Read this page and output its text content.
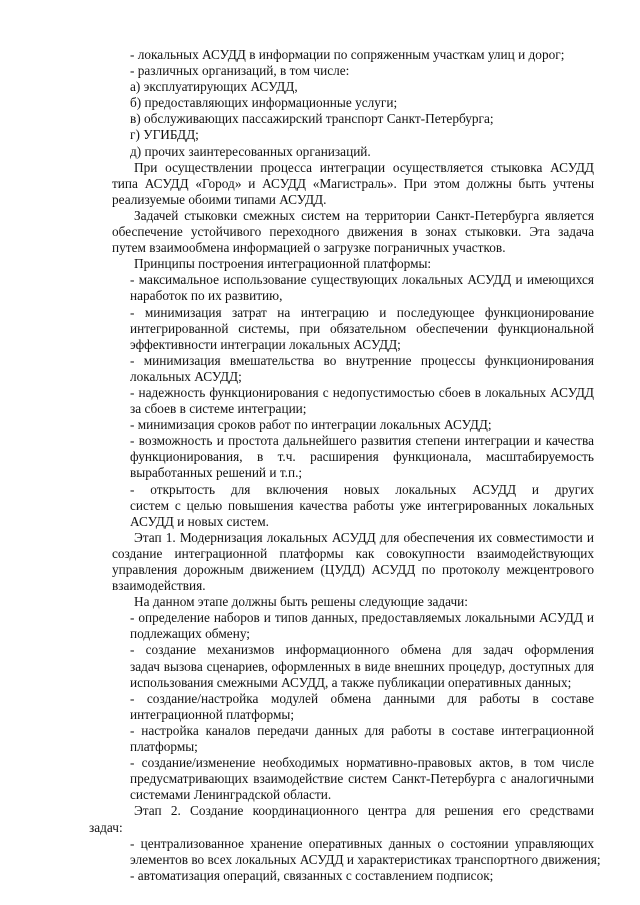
- локальных АСУДД в информации по сопряженным участкам улиц и дорог;
- различных организаций, в том числе:
а) эксплуатирующих АСУДД,
б) предоставляющих информационные услуги;
в) обслуживающих пассажирский транспорт Санкт-Петербурга;
г) УГИБДД;
д) прочих заинтересованных организаций.
При осуществлении процесса интеграции осуществляется стыковка АСУДД
типа АСУДД «Город» и АСУДД «Магистраль». При этом должны быть учтены
реализуемые обоими типами АСУДД.
Задачей стыковки смежных систем на территории Санкт-Петербурга является
обеспечение устойчивого переходного движения в зонах стыковки. Эта задача
путем взаимообмена информацией о загрузке пограничных участков.
Принципы построения интеграционной платформы:
- максимальное использование существующих локальных АСУДД и имеющихся
наработок по их развитию,
- минимизация затрат на интеграцию и последующее функционирование
интегрированной системы, при обязательном обеспечении функциональной
эффективности интеграции локальных АСУДД;
- минимизация вмешательства во внутренние процессы функционирования
локальных АСУДД;
- надежность функционирования с недопустимостью сбоев в локальных АСУДД
за сбоев в системе интеграции;
- минимизация сроков работ по интеграции локальных АСУДД;
- возможность и простота дальнейшего развития степени интеграции и качества
функционирования, в т.ч. расширения функционала, масштабируемость
выработанных решений и т.п.;
- открытость для включения новых локальных АСУДД и других
систем с целью повышения качества работы уже интегрированных локальных
АСУДД и новых систем.
Этап 1. Модернизация локальных АСУДД для обеспечения их совместимости и
создание интеграционной платформы как совокупности взаимодействующих
управления дорожным движением (ЦУДД) АСУДД по протоколу межцентрового
взаимодействия.
На данном этапе должны быть решены следующие задачи:
- определение наборов и типов данных, предоставляемых локальными АСУДД и
подлежащих обмену;
- создание механизмов информационного обмена для задач оформления
задач вызова сценариев, оформленных в виде внешних процедур, доступных для
использования смежными АСУДД, а также публикации оперативных данных;
- создание/настройка модулей обмена данными для работы в составе
интеграционной платформы;
- настройка каналов передачи данных для работы в составе интеграционной
платформы;
- создание/изменение необходимых нормативно-правовых актов, в том числе
предусматривающих взаимодействие систем Санкт-Петербурга с аналогичными
системами Ленинградской области.
Этап 2. Создание координационного центра для решения его средствами
задач:
- централизованное хранение оперативных данных о состоянии управляющих
элементов во всех локальных АСУДД и характеристиках транспортного движения;
- автоматизация операций, связанных с составлением подписок;
